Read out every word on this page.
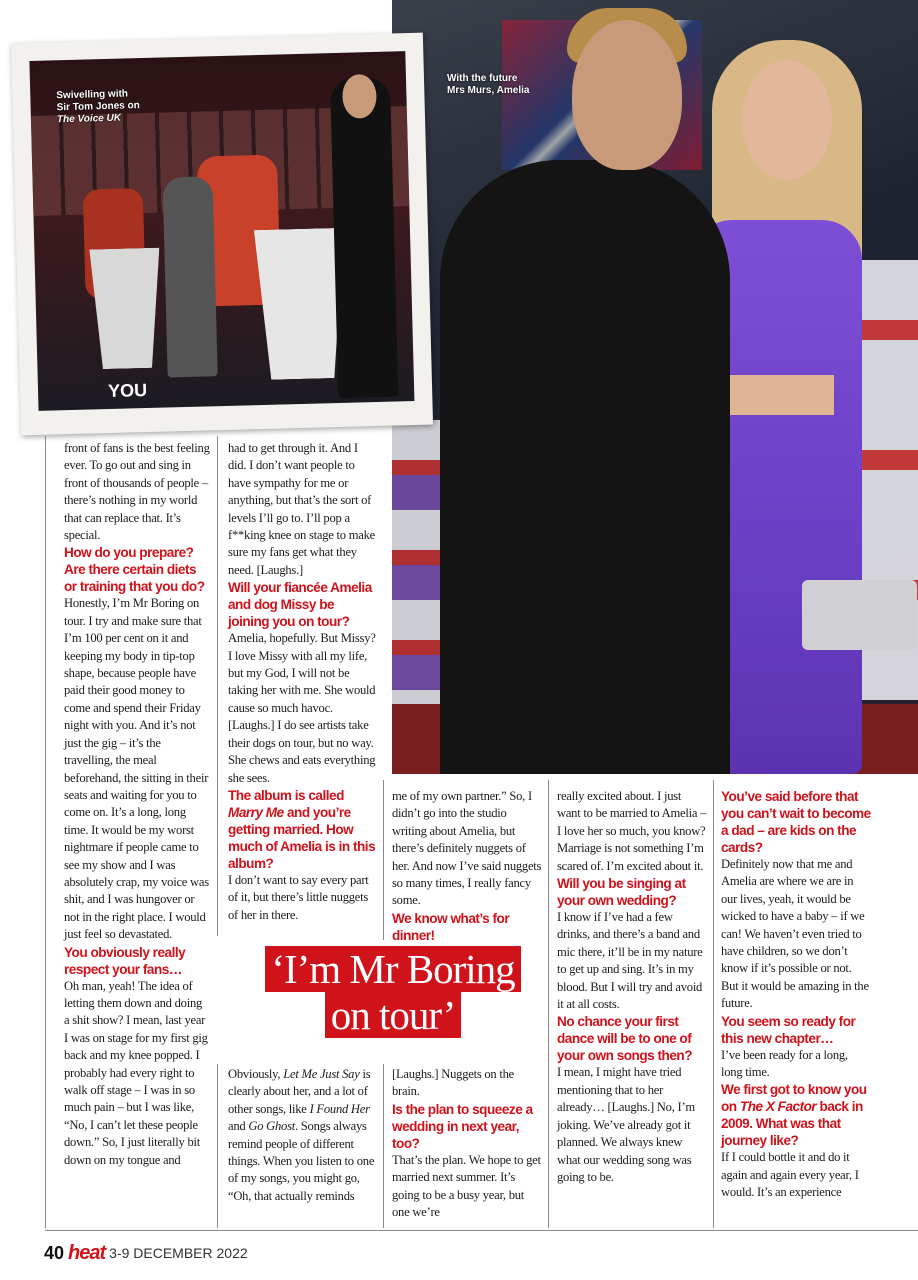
With the future
Mrs Murs, Amelia
YOU
Swivelling with
Sir Tom Jones on
The Voice UK

front of fans is the best feeling ever. To go out and sing in front of thousands of people – there’s nothing in my world that can replace that. It’s special.

How do you prepare? Are there certain diets or training that you do?

Honestly, I’m Mr Boring on tour. I try and make sure that I’m 100 per cent on it and keeping my body in tip-top shape, because people have paid their good money to come and spend their Friday night with you. And it’s not just the gig – it’s the travelling, the meal beforehand, the sitting in their seats and waiting for you to come on. It’s a long, long time. It would be my worst nightmare if people came to see my show and I was absolutely crap, my voice was shit, and I was hungover or not in the right place. I would just feel so devastated.

You obviously really respect your fans…

Oh man, yeah! The idea of letting them down and doing a shit show? I mean, last year I was on stage for my first gig back and my knee popped. I probably had every right to walk off stage – I was in so much pain – but I was like, “No, I can’t let these people down.” So, I just literally bit down on my tongue and

had to get through it. And I did. I don’t want people to have sympathy for me or anything, but that’s the sort of levels I’ll go to. I’ll pop a f**king knee on stage to make sure my fans get what they need. [Laughs.]

Will your fiancée Amelia and dog Missy be joining you on tour?

Amelia, hopefully. But Missy? I love Missy with all my life, but my God, I will not be taking her with me. She would cause so much havoc. [Laughs.] I do see artists take their dogs on tour, but no way. She chews and eats everything she sees.

The album is called Marry Me and you’re getting married. How much of Amelia is in this album?

I don’t want to say every part of it, but there’s little nuggets of her in there.

me of my own partner.” So, I didn’t go into the studio writing about Amelia, but there’s definitely nuggets of her. And now I’ve said nuggets so many times, I really fancy some.

We know what’s for dinner!

‘I’m Mr Boring
on tour’

Obviously, Let Me Just Say is clearly about her, and a lot of other songs, like I Found Her and Go Ghost. Songs always remind people of different things. When you listen to one of my songs, you might go, “Oh, that actually reminds

[Laughs.] Nuggets on the brain.

Is the plan to squeeze a wedding in next year, too?

That’s the plan. We hope to get married next summer. It’s going to be a busy year, but one we’re

really excited about. I just want to be married to Amelia – I love her so much, you know? Marriage is not something I’m scared of. I’m excited about it.

Will you be singing at your own wedding?

I know if I’ve had a few drinks, and there’s a band and mic there, it’ll be in my nature to get up and sing. It’s in my blood. But I will try and avoid it at all costs.

No chance your first dance will be to one of your own songs then?

I mean, I might have tried mentioning that to her already… [Laughs.] No, I’m joking. We’ve already got it planned. We always knew what our wedding song was going to be.

You’ve said before that you can’t wait to become a dad – are kids on the cards?

Definitely now that me and Amelia are where we are in our lives, yeah, it would be wicked to have a baby – if we can! We haven’t even tried to have children, so we don’t know if it’s possible or not. But it would be amazing in the future.

You seem so ready for this new chapter…

I’ve been ready for a long, long time.

We first got to know you on The X Factor back in 2009. What was that journey like?

If I could bottle it and do it again and again every year, I would. It’s an experience

40 heat 3-9 DECEMBER 2022
